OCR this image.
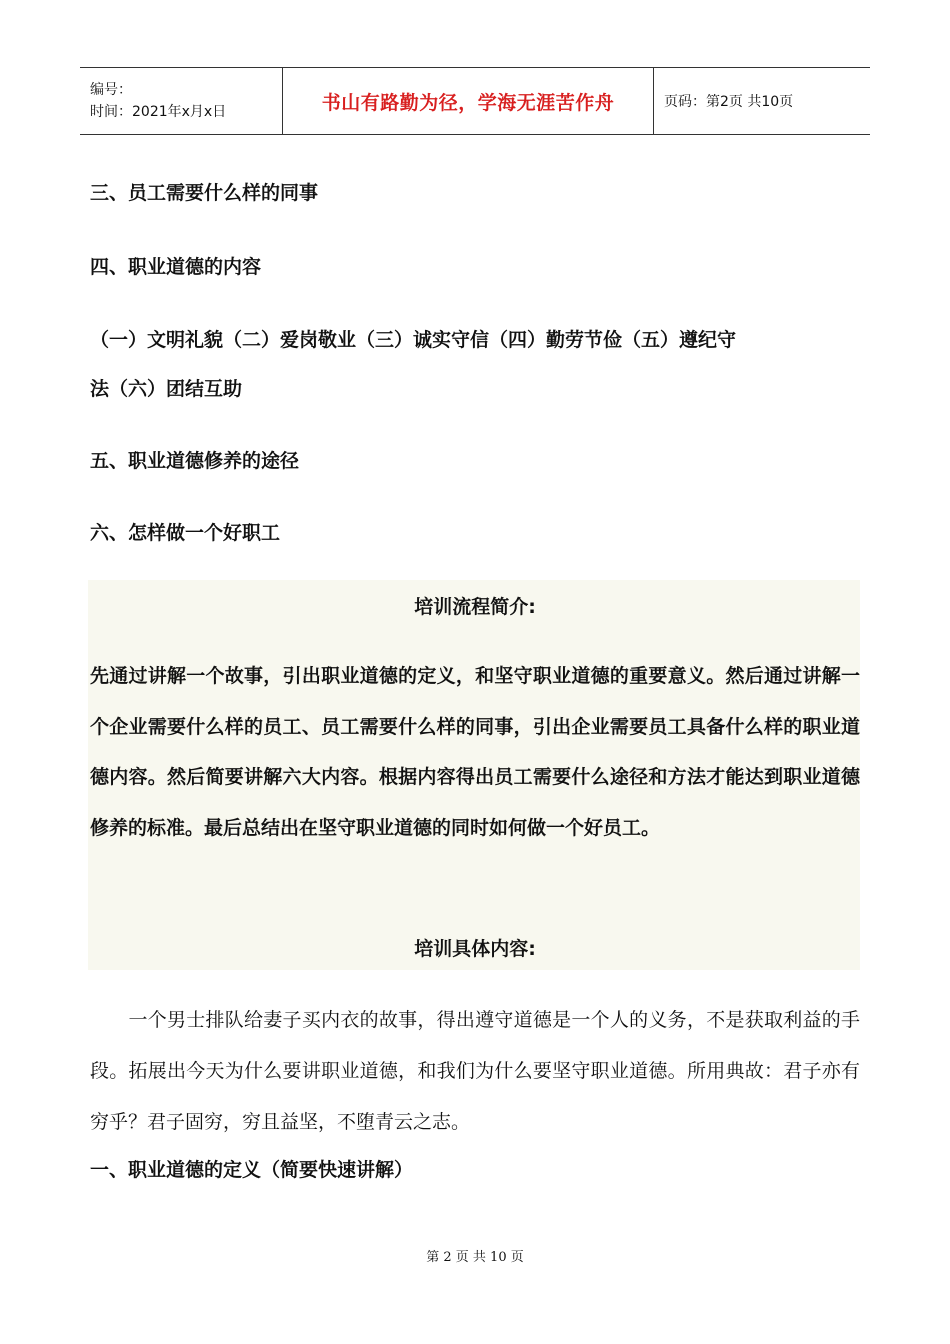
编号：
时间：2021年x月x日	书山有路勤为径，学海无涯苦作舟	页码：第2页 共10页
三、员工需要什么样的同事
四、职业道德的内容
（一）文明礼貌（二）爱岗敬业（三）诚实守信（四）勤劳节俭（五）遵纪守
法（六）团结互助
五、职业道德修养的途径
六、怎样做一个好职工
培训流程简介:
先通过讲解一个故事，引出职业道德的定义，和坚守职业道德的重要意义。然后通过讲解一个企业需要什么样的员工、员工需要什么样的同事，引出企业需要员工具备什么样的职业道德内容。然后简要讲解六大内容。根据内容得出员工需要什么途径和方法才能达到职业道德修养的标准。最后总结出在坚守职业道德的同时如何做一个好员工。
培训具体内容:
　　一个男士排队给妻子买内衣的故事，得出遵守道德是一个人的义务，不是获取利益的手段。拓展出今天为什么要讲职业道德，和我们为什么要坚守职业道德。所用典故：君子亦有穷乎？君子固穷，穷且益坚，不堕青云之志。
一、职业道德的定义（简要快速讲解）
第 2 页 共 10 页
